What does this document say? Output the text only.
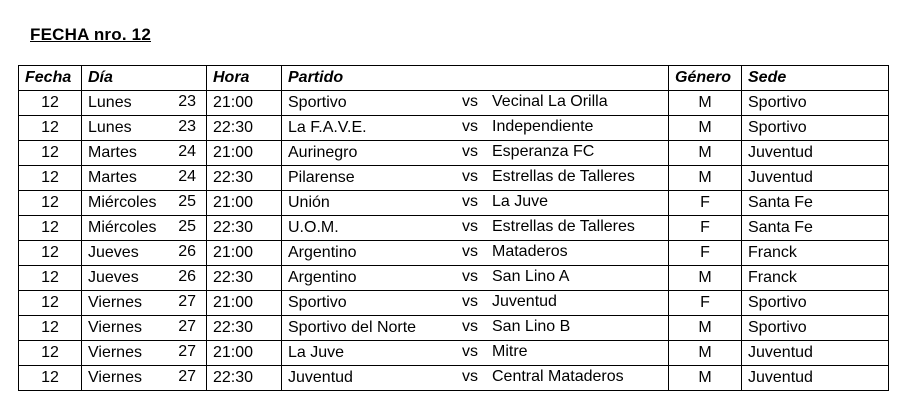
FECHA nro. 12
Fecha	Día	Hora	Partido	Género	Sede
12	Lunes 23	21:00	Sportivo vs Vecinal La Orilla	M	Sportivo
12	Lunes 23	22:30	La F.A.V.E. vs Independiente	M	Sportivo
12	Martes 24	21:00	Aurinegro vs Esperanza FC	M	Juventud
12	Martes 24	22:30	Pilarense vs Estrellas de Talleres	M	Juventud
12	Miércoles 25	21:00	Unión vs La Juve	F	Santa Fe
12	Miércoles 25	22:30	U.O.M. vs Estrellas de Talleres	F	Santa Fe
12	Jueves 26	21:00	Argentino vs Mataderos	F	Franck
12	Jueves 26	22:30	Argentino vs San Lino A	M	Franck
12	Viernes 27	21:00	Sportivo vs Juventud	F	Sportivo
12	Viernes 27	22:30	Sportivo del Norte vs San Lino B	M	Sportivo
12	Viernes 27	21:00	La Juve vs Mitre	M	Juventud
12	Viernes 27	22:30	Juventud vs Central Mataderos	M	Juventud
